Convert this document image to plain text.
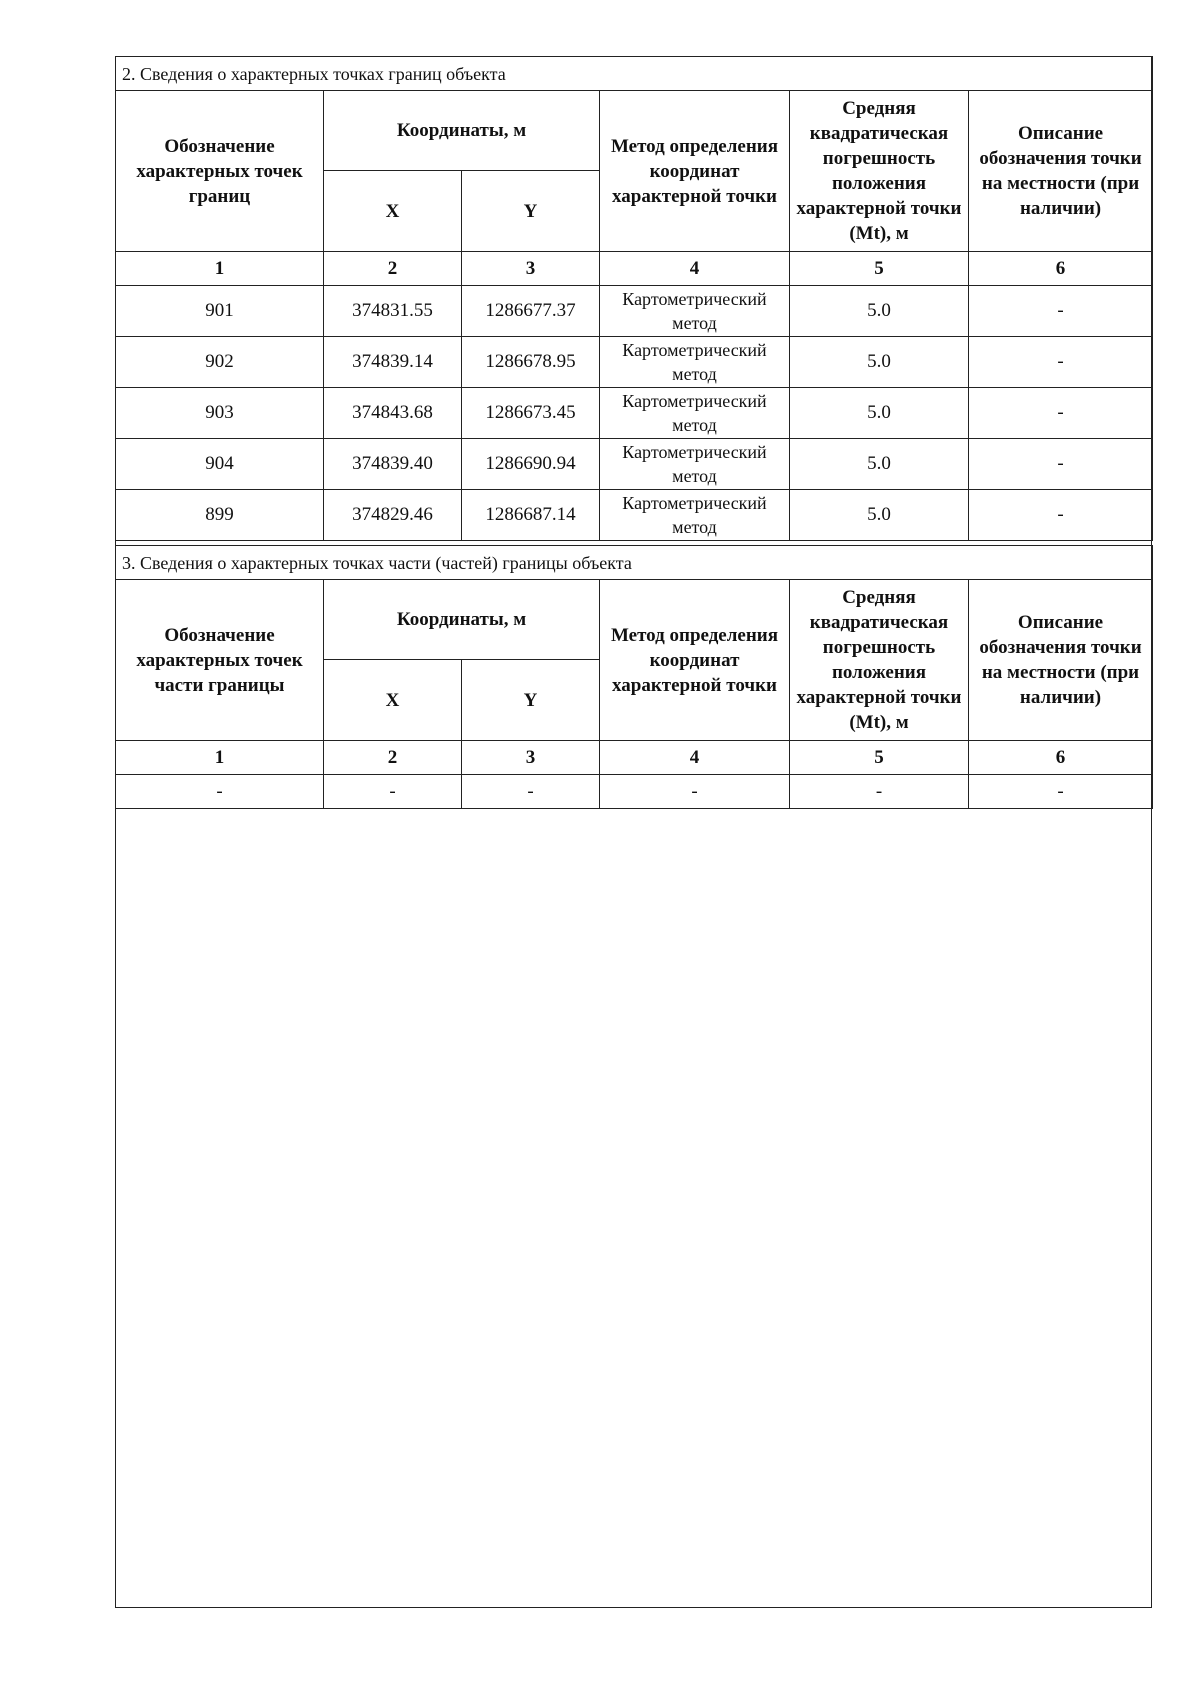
2. Сведения о характерных точках границ объекта					
Обозначение характерных точек границ	Координаты, м		Метод определения координат характерной точки	Средняя квадратическая погрешность положения характерной точки (Mt), м	Описание обозначения точки на местности (при наличии)
	X	Y			
1	2	3	4	5	6
901	374831.55	1286677.37	Картометрический метод	5.0	-
902	374839.14	1286678.95	Картометрический метод	5.0	-
903	374843.68	1286673.45	Картометрический метод	5.0	-
904	374839.40	1286690.94	Картометрический метод	5.0	-
899	374829.46	1286687.14	Картометрический метод	5.0	-
3. Сведения о характерных точках части (частей) границы объекта					
Обозначение характерных точек части границы	Координаты, м		Метод определения координат характерной точки	Средняя квадратическая погрешность положения характерной точки (Mt), м	Описание обозначения точки на местности (при наличии)
	X	Y			
1	2	3	4	5	6
-	-	-	-	-	-
